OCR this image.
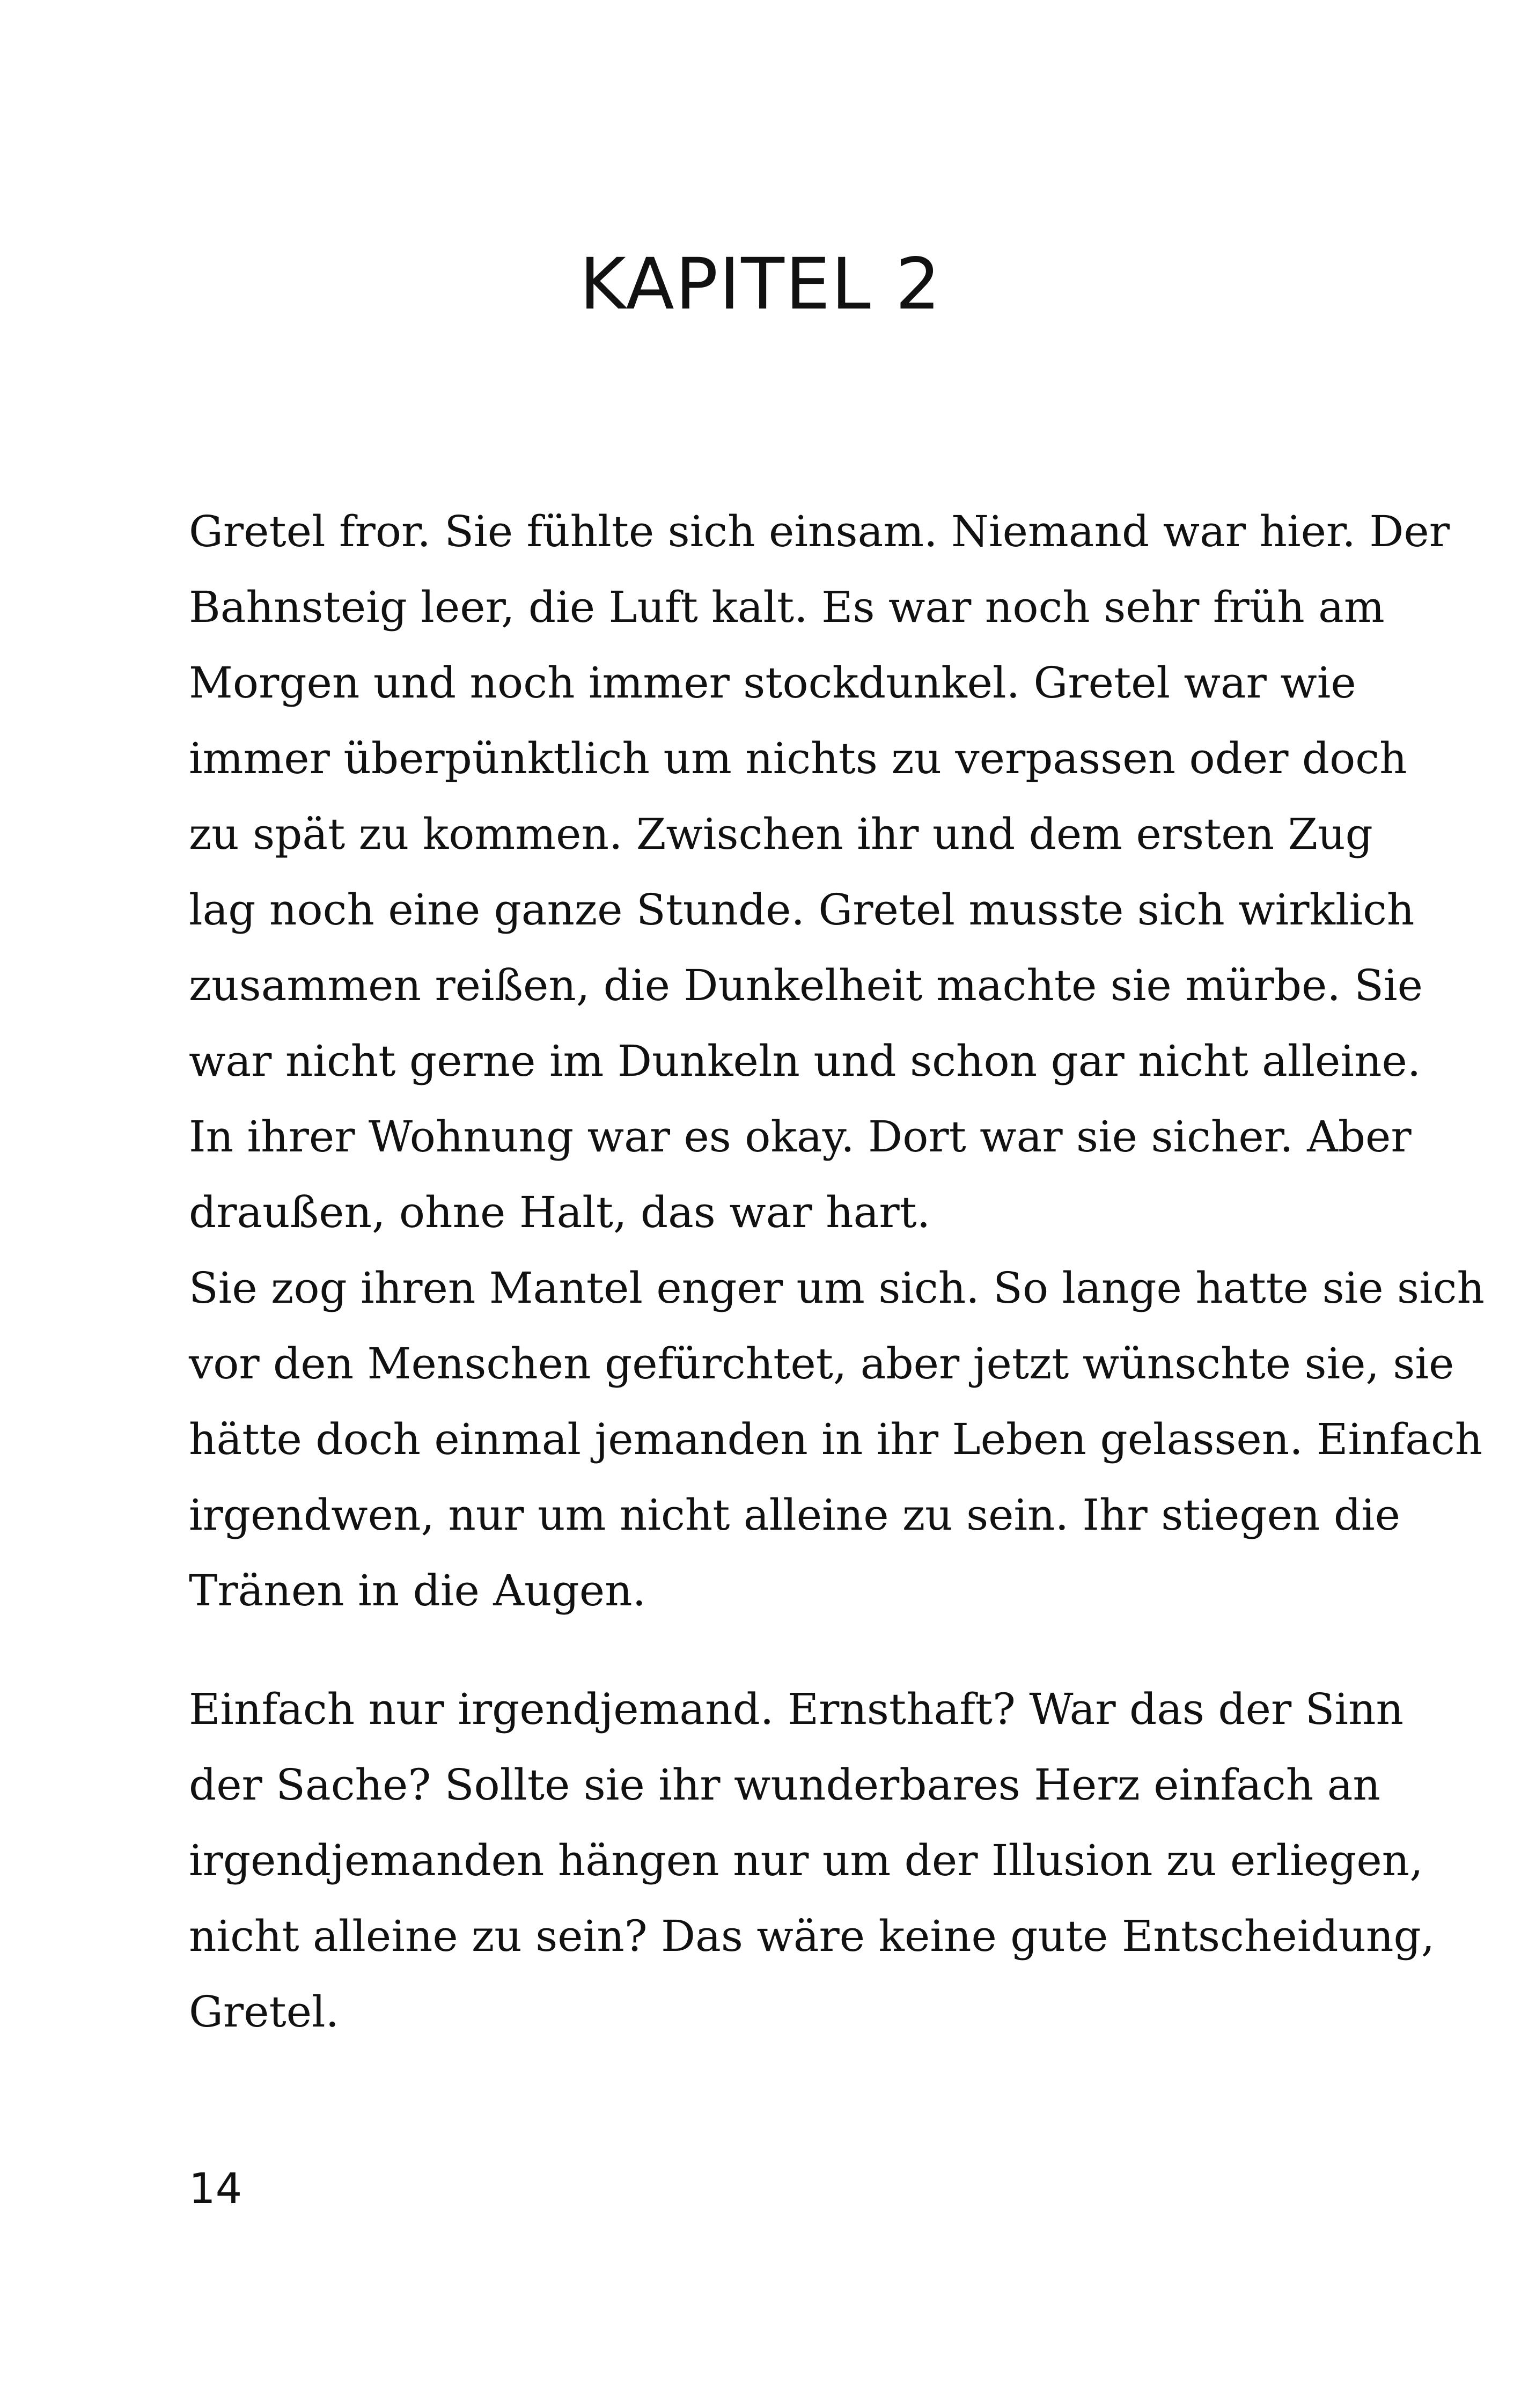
KAPITEL 2
Gretel fror. Sie fühlte sich einsam. Niemand war hier. Der
Bahnsteig leer, die Luft kalt. Es war noch sehr früh am
Morgen und noch immer stockdunkel. Gretel war wie
immer überpünktlich um nichts zu verpassen oder doch
zu spät zu kommen. Zwischen ihr und dem ersten Zug
lag noch eine ganze Stunde. Gretel musste sich wirklich
zusammen reißen, die Dunkelheit machte sie mürbe. Sie
war nicht gerne im Dunkeln und schon gar nicht alleine.
In ihrer Wohnung war es okay. Dort war sie sicher. Aber
draußen, ohne Halt, das war hart.
Sie zog ihren Mantel enger um sich. So lange hatte sie sich
vor den Menschen gefürchtet, aber jetzt wünschte sie, sie
hätte doch einmal jemanden in ihr Leben gelassen. Einfach
irgendwen, nur um nicht alleine zu sein. Ihr stiegen die
Tränen in die Augen.
Einfach nur irgendjemand. Ernsthaft? War das der Sinn
der Sache? Sollte sie ihr wunderbares Herz einfach an
irgendjemanden hängen nur um der Illusion zu erliegen,
nicht alleine zu sein? Das wäre keine gute Entscheidung,
Gretel.
14
